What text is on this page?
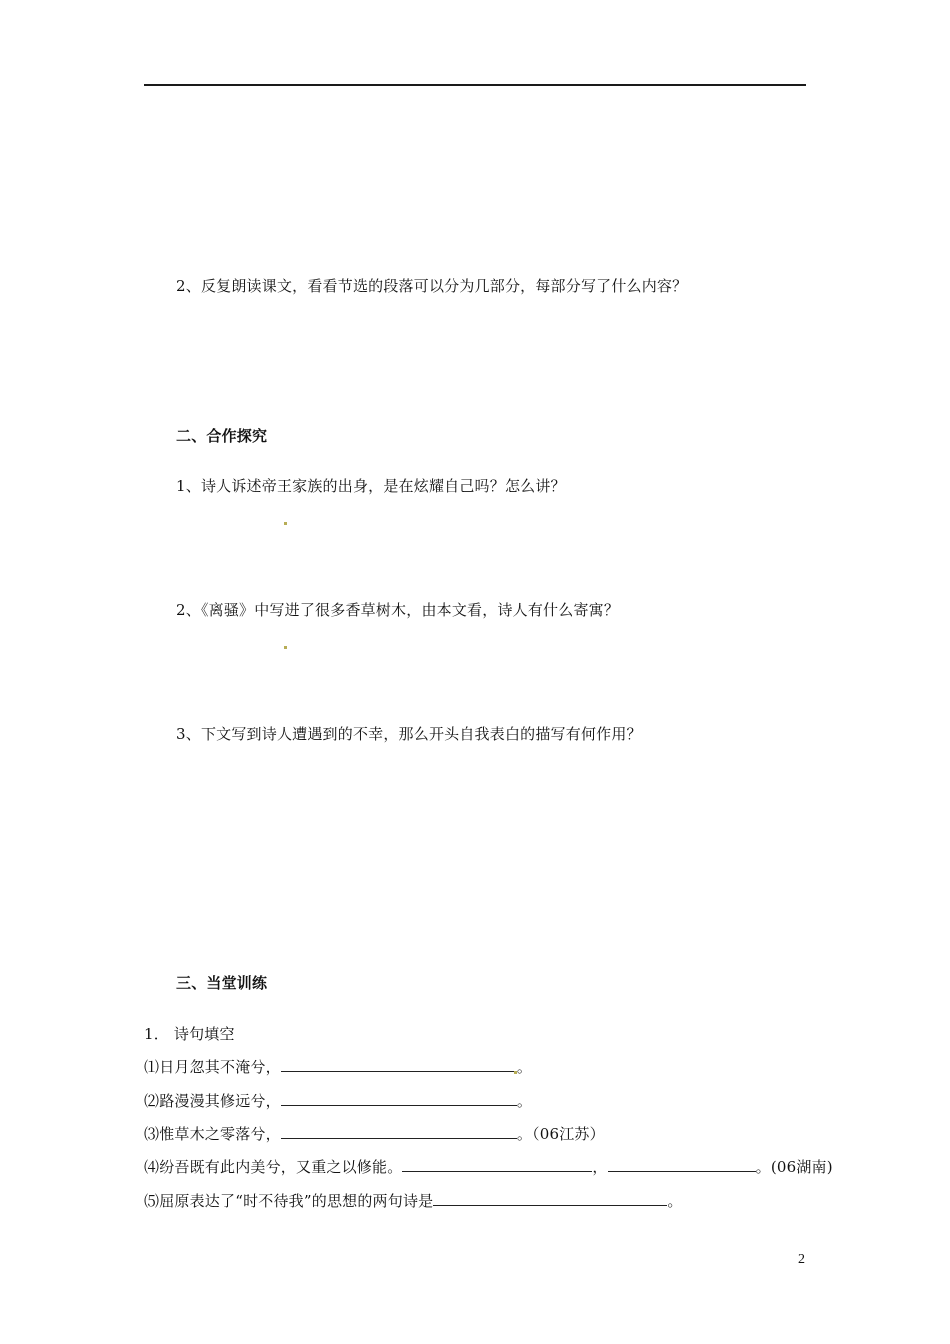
2、反复朗读课文，看看节选的段落可以分为几部分，每部分写了什么内容？
二、合作探究
1、诗人诉述帝王家族的出身，是在炫耀自己吗？怎么讲？
2、《离骚》中写进了很多香草树木，由本文看，诗人有什么寄寓？
3、下文写到诗人遭遇到的不幸，那么开头自我表白的描写有何作用？
三、当堂训练
1． 诗句填空
⑴日月忽其不淹兮，	。
⑵路漫漫其修远兮，	。
⑶惟草木之零落兮，	。（06江苏）
⑷纷吾既有此内美兮，又重之以修能。	，	。(06湖南)
⑸屈原表达了“时不待我”的思想的两句诗是	。
2
